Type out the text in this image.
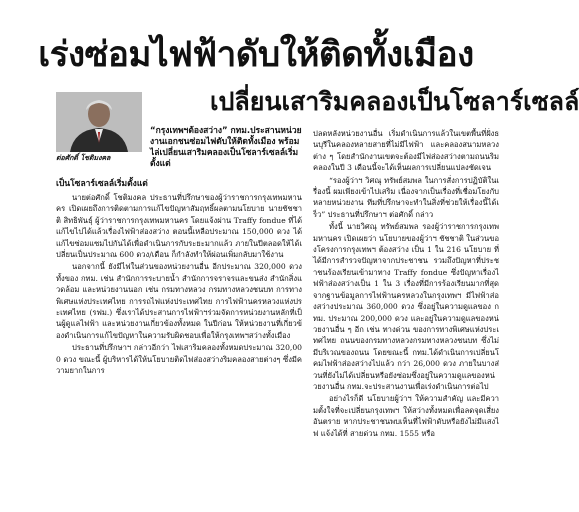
เร่งซ่อมไฟฟ้าดับให้ติดทั้งเมือง
เปลี่ยนเสาริมคลองเป็นโซลาร์เซลล์
ต่อศักดิ์ โชติมงคล
“กรุงเทพฯต้องสว่าง” กทม.ประสานหน่วยงานเอกชนซ่อมไฟดับให้ติดทั้งเมือง พร้อมไล่เปลี่ยนเสาริมคลองเป็นโซลาร์เซลล์เริ่มตั้งแต่
เป็นโซลาร์เซลล์เริ่มตั้งแต่

นายต่อศักดิ์ โชติมงคล ประธานที่ปรึกษาของผู้ว่าราชการกรุงเทพมหานคร เปิดเผยถึงการติดตามการแก้ไขปัญหาสัมฤทธิ์ผลตามนโยบาย นายชัชชาติ สิทธิพันธุ์ ผู้ว่าราชการกรุงเทพมหานคร โดยแจ้งผ่าน Traffy fondue ที่ได้แก้ไขไปได้แล้วเรื่องไฟฟ้าส่องสว่าง ตอนนี้เหลือประมาณ 150,000 ดวง ได้แก้ไขซ่อมแซมไปกันได้เพื่อดำเนินการกับระยะมากแล้ว ภายในปีตลอดให้ได้เปลี่ยนเป็นประมาณ 600 ดวง/เดือน ก็กำลังทำให้ผ่อนเพิ่มกลับมาใช้งาน

นอกจากนี้ ยังมีไฟในส่วนของหน่วยงานอื่น อีกประมาณ 320,000 ดวง ทั้งของ กทม. เช่น สำนักการระบายน้ำ สำนักการจราจรและขนส่ง สำนักสิ่งแวดล้อม และหน่วยงานนอก เช่น กรมทางหลวง กรมทางหลวงชนบท การทางพิเศษแห่งประเทศไทย การรถไฟแห่งประเทศไทย การไฟฟ้านครหลวงแห่งประเทศไทย (รฟม.) ซึ่งเราได้ประสานการไฟฟ้าฯร่วมจัดการหน่วยงานหลักที่เป็นผู้ดูแลไฟฟ้า และหน่วยงานเกี่ยวข้องทั้งหมด ในปีก่อน ให้หน่วยงานที่เกี่ยวข้องดำเนินการแก้ไขปัญหาในความรับผิดชอบเพื่อให้กรุงเทพฯสว่างทั้งเมือง

ประธานที่ปรึกษาฯ กล่าวอีกว่า ไฟเสาริมคลองทั้งหมดประมาณ 320,000 ดวง ขณะนี้ ผู้บริหารได้ให้นโยบายติดไฟส่องสว่างริมคลองสายต่างๆ ซึ่งมีความยากในการ

ปลดหลังหน่วยงานอื่น เริ่มดำเนินการแล้วในเขตพื้นที่ฝั่งธนบุรีในคลองหลายสายที่ไม่มีไฟฟ้า และคลองสนามหลวงต่าง ๆ โดยสำนักงานเขตจะต้องมีไฟส่องสว่างตามถนนริมคลองในปี 3 เดือนนี้จะได้เห็นผลการเปลี่ยนแปลงชัดเจน

“รองผู้ว่าฯ วิศณุ ทรัพย์สมพล ในการสั่งการปฏิบัติในเรื่องนี้ ผมเพียงเข้าไปเสริม เนื่องจากเป็นเรื่องที่เชื่อมโยงกับหลายหน่วยงาน ทีมที่ปรึกษาจะทำในสิ่งที่ช่วยให้เรื่องนี้ได้เร็ว” ประธานที่ปรึกษาฯ ต่อศักดิ์ กล่าว

ทั้งนี้ นายวิศณุ ทรัพย์สมพล รองผู้ว่าราชการกรุงเทพมหานคร เปิดเผยว่า นโยบายของผู้ว่าฯ ชัชชาติ ในส่วนของโครงการกรุงเทพฯ ต้องสว่าง เป็น 1 ใน 216 นโยบาย ที่ได้มีการสำรวจปัญหาจากประชาชน รวมถึงปัญหาที่ประชาชนร้องเรียนเข้ามาทาง Traffy fondue ซึ่งปัญหาเรื่องไฟฟ้าส่องสว่างเป็น 1 ใน 3 เรื่องที่มีการร้องเรียนมากที่สุด จากฐานข้อมูลการไฟฟ้านครหลวงในกรุงเทพฯ มีไฟฟ้าส่องสว่างประมาณ 360,000 ดวง ซึ่งอยู่ในความดูแลของ กทม. ประมาณ 200,000 ดวง และอยู่ในความดูแลของหน่วยงานอื่น ๆ อีก เช่น ทางด่วน ของการทางพิเศษแห่งประเทศไทย ถนนของกรมทางหลวงกรมทางหลวงชนบท ซึ่งไม่มีบริเวณของถนน โดยขณะนี้ กทม.ได้ดำเนินการเปลี่ยนโคมไฟฟ้าส่องสว่างไปแล้ว กว่า 26,000 ดวง ภายในบางส่วนที่ยังไม่ได้เปลี่ยนหรือยังซ่อมซึ่งอยู่ในความดูแลของหน่วยงานอื่น กทม.จะประสานงานเพื่อเร่งดำเนินการต่อไป

อย่างไรก็ดี นโยบายผู้ว่าฯ ให้ความสำคัญ และมีความตั้งใจที่จะเปลี่ยนกรุงเทพฯ ให้สว่างทั้งหมดเพื่อลดจุดเสี่ยงอันตราย หากประชาชนพบเห็นที่ไฟฟ้าดับหรือยังไม่มีแสงไฟ แจ้งได้ที่ สายด่วน กทม. 1555 หรือ
